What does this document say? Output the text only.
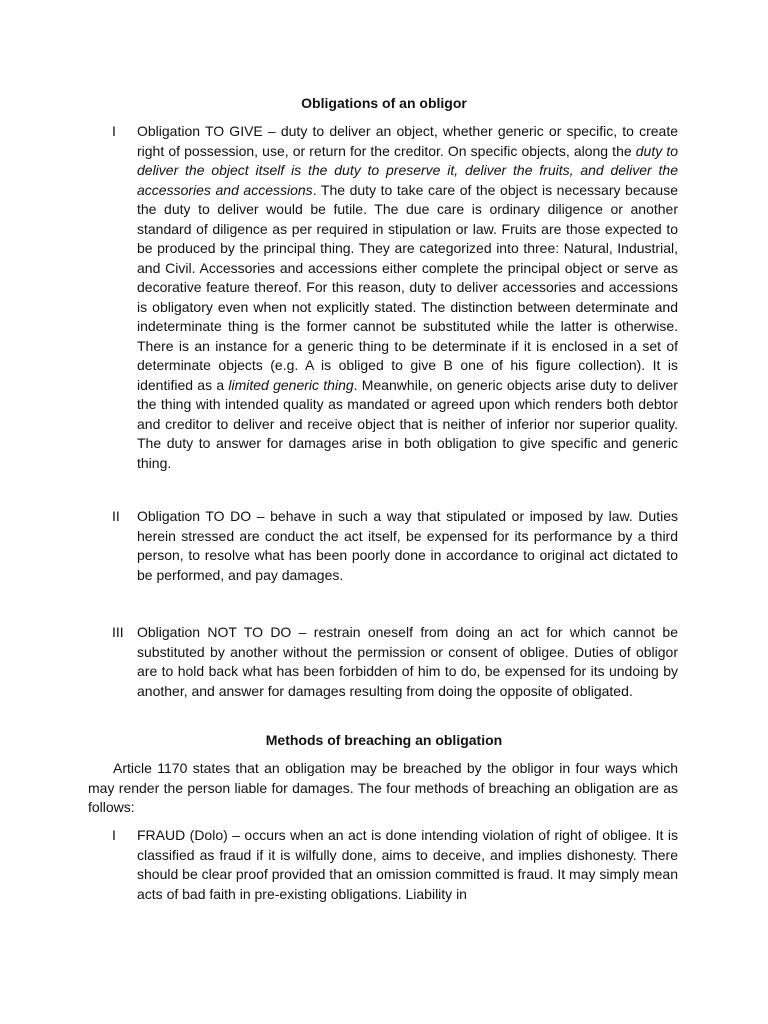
Obligations of an obligor
I	Obligation TO GIVE – duty to deliver an object, whether generic or specific, to create right of possession, use, or return for the creditor. On specific objects, along the duty to deliver the object itself is the duty to preserve it, deliver the fruits, and deliver the accessories and accessions. The duty to take care of the object is necessary because the duty to deliver would be futile. The due care is ordinary diligence or another standard of diligence as per required in stipulation or law. Fruits are those expected to be produced by the principal thing. They are categorized into three: Natural, Industrial, and Civil. Accessories and accessions either complete the principal object or serve as decorative feature thereof. For this reason, duty to deliver accessories and accessions is obligatory even when not explicitly stated. The distinction between determinate and indeterminate thing is the former cannot be substituted while the latter is otherwise. There is an instance for a generic thing to be determinate if it is enclosed in a set of determinate objects (e.g. A is obliged to give B one of his figure collection). It is identified as a limited generic thing. Meanwhile, on generic objects arise duty to deliver the thing with intended quality as mandated or agreed upon which renders both debtor and creditor to deliver and receive object that is neither of inferior nor superior quality. The duty to answer for damages arise in both obligation to give specific and generic thing.
II	Obligation TO DO – behave in such a way that stipulated or imposed by law. Duties herein stressed are conduct the act itself, be expensed for its performance by a third person, to resolve what has been poorly done in accordance to original act dictated to be performed, and pay damages.
III Obligation NOT TO DO – restrain oneself from doing an act for which cannot be substituted by another without the permission or consent of obligee. Duties of obligor are to hold back what has been forbidden of him to do, be expensed for its undoing by another, and answer for damages resulting from doing the opposite of obligated.
Methods of breaching an obligation
Article 1170 states that an obligation may be breached by the obligor in four ways which may render the person liable for damages. The four methods of breaching an obligation are as follows:
I	FRAUD (Dolo) – occurs when an act is done intending violation of right of obligee. It is classified as fraud if it is wilfully done, aims to deceive, and implies dishonesty. There should be clear proof provided that an omission committed is fraud. It may simply mean acts of bad faith in pre-existing obligations. Liability in
